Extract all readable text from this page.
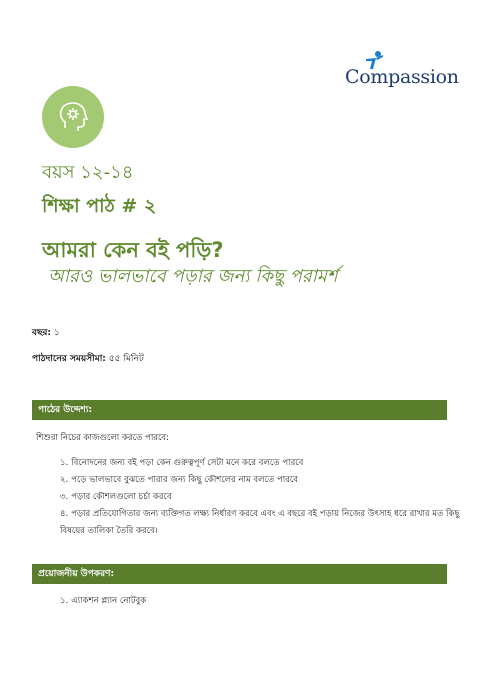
Compassion
বয়স ১২-১৪
শিক্ষা পাঠ # ২
আমরা কেন বই পড়ি?
আরও ভালভাবে পড়ার জন্য কিছু পরামর্শ
বছর: ১
পাঠদানের সময়সীমা: ৫৫ মিনিট
পাঠের উদ্দেশ্য:
শিশুরা নিচের কাজগুলো করতে পারবে:
১. বিনোদনের জন্য বই পড়া কেন গুরুত্বপূর্ণ সেটা মনে করে বলতে পারবে
২. পড়ে ভালভাবে বুঝতে পারার জন্য কিছু কৌশলের নাম বলতে পারবে
৩. পড়ার কৌশলগুলো চর্চা করবে
৪. পড়ার প্রতিযোগিতার জন্য ব্যক্তিগত লক্ষ্য নির্ধারণ করবে এবং এ বছরে বই পড়ায় নিজের উৎসাহ ধরে রাখার মত কিছু
বিষয়ের তালিকা তৈরি করবে।
প্রয়োজনীয় উপকরণ:
১. এ্যাকশন প্ল্যান নোটবুক
